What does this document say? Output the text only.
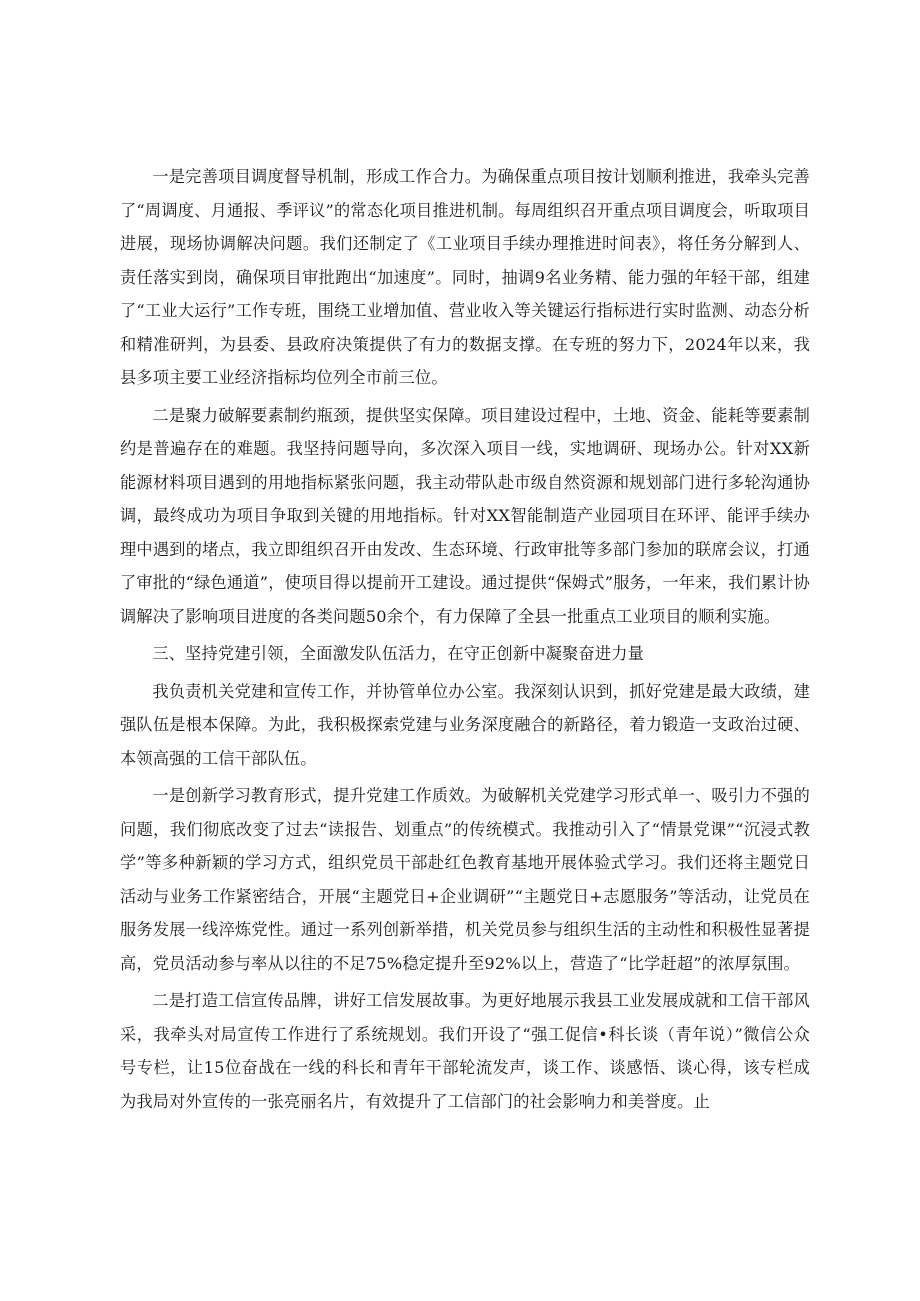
一是完善项目调度督导机制，形成工作合力。为确保重点项目按计划顺利推进，我牵头完善了“周调度、月通报、季评议”的常态化项目推进机制。每周组织召开重点项目调度会，听取项目进展，现场协调解决问题。我们还制定了《工业项目手续办理推进时间表》，将任务分解到人、责任落实到岗，确保项目审批跑出“加速度”。同时，抽调9名业务精、能力强的年轻干部，组建了“工业大运行”工作专班，围绕工业增加值、营业收入等关键运行指标进行实时监测、动态分析和精准研判，为县委、县政府决策提供了有力的数据支撑。在专班的努力下，2024年以来，我县多项主要工业经济指标均位列全市前三位。

二是聚力破解要素制约瓶颈，提供坚实保障。项目建设过程中，土地、资金、能耗等要素制约是普遍存在的难题。我坚持问题导向，多次深入项目一线，实地调研、现场办公。针对XX新能源材料项目遇到的用地指标紧张问题，我主动带队赴市级自然资源和规划部门进行多轮沟通协调，最终成功为项目争取到关键的用地指标。针对XX智能制造产业园项目在环评、能评手续办理中遇到的堵点，我立即组织召开由发改、生态环境、行政审批等多部门参加的联席会议，打通了审批的“绿色通道”，使项目得以提前开工建设。通过提供“保姆式”服务，一年来，我们累计协调解决了影响项目进度的各类问题50余个，有力保障了全县一批重点工业项目的顺利实施。

三、坚持党建引领，全面激发队伍活力，在守正创新中凝聚奋进力量

我负责机关党建和宣传工作，并协管单位办公室。我深刻认识到，抓好党建是最大政绩，建强队伍是根本保障。为此，我积极探索党建与业务深度融合的新路径，着力锻造一支政治过硬、本领高强的工信干部队伍。

一是创新学习教育形式，提升党建工作质效。为破解机关党建学习形式单一、吸引力不强的问题，我们彻底改变了过去“读报告、划重点”的传统模式。我推动引入了“情景党课”“沉浸式教学”等多种新颖的学习方式，组织党员干部赴红色教育基地开展体验式学习。我们还将主题党日活动与业务工作紧密结合，开展“主题党日+企业调研”“主题党日+志愿服务”等活动，让党员在服务发展一线淬炼党性。通过一系列创新举措，机关党员参与组织生活的主动性和积极性显著提高，党员活动参与率从以往的不足75%稳定提升至92%以上，营造了“比学赶超”的浓厚氛围。

二是打造工信宣传品牌，讲好工信发展故事。为更好地展示我县工业发展成就和工信干部风采，我牵头对局宣传工作进行了系统规划。我们开设了“强工促信•科长谈（青年说）”微信公众号专栏，让15位奋战在一线的科长和青年干部轮流发声，谈工作、谈感悟、谈心得，该专栏成为我局对外宣传的一张亮丽名片，有效提升了工信部门的社会影响力和美誉度。止
